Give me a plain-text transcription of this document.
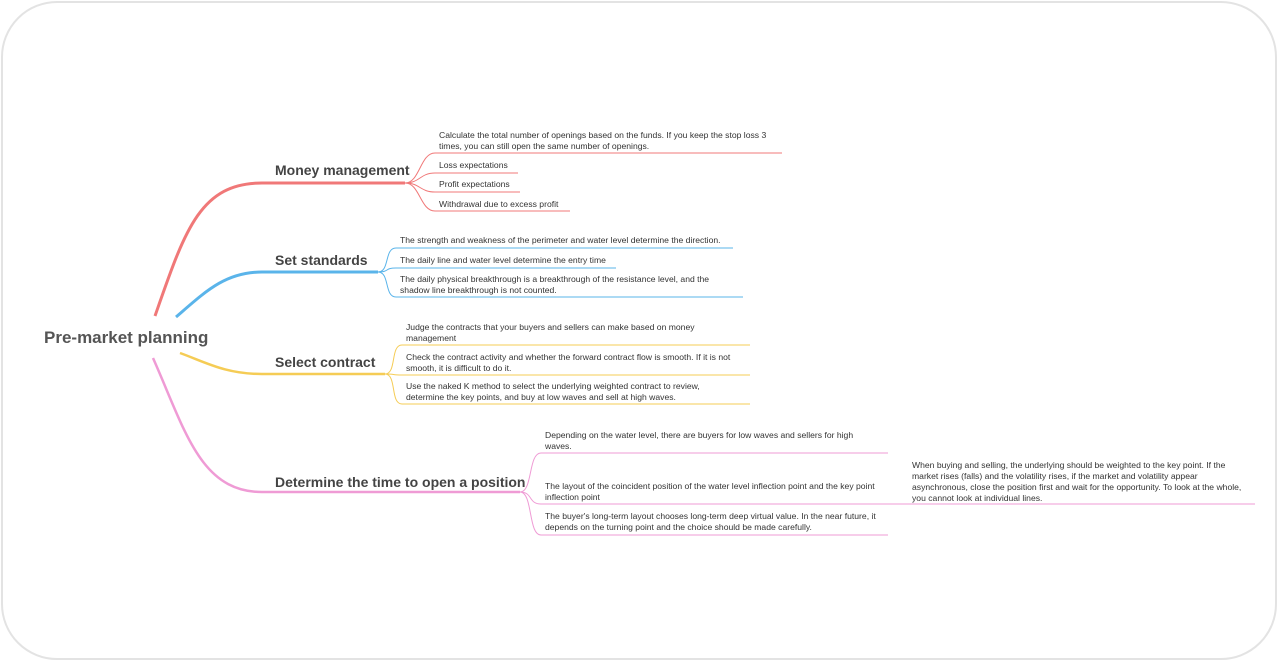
Pre-market planning
Money management
Calculate the total number of openings based on the funds. If you keep the stop loss 3 times, you can still open the same number of openings.
Loss expectations
Profit expectations
Withdrawal due to excess profit
Set standards
The strength and weakness of the perimeter and water level determine the direction.
The daily line and water level determine the entry time
The daily physical breakthrough is a breakthrough of the resistance level, and the shadow line breakthrough is not counted.
Select contract
Judge the contracts that your buyers and sellers can make based on money management
Check the contract activity and whether the forward contract flow is smooth. If it is not smooth, it is difficult to do it.
Use the naked K method to select the underlying weighted contract to review, determine the key points, and buy at low waves and sell at high waves.
Determine the time to open a position
Depending on the water level, there are buyers for low waves and sellers for high waves.
The layout of the coincident position of the water level inflection point and the key point inflection point
The buyer's long-term layout chooses long-term deep virtual value. In the near future, it depends on the turning point and the choice should be made carefully.
When buying and selling, the underlying should be weighted to the key point. If the market rises (falls) and the volatility rises, if the market and volatility appear asynchronous, close the position first and wait for the opportunity. To look at the whole, you cannot look at individual lines.
